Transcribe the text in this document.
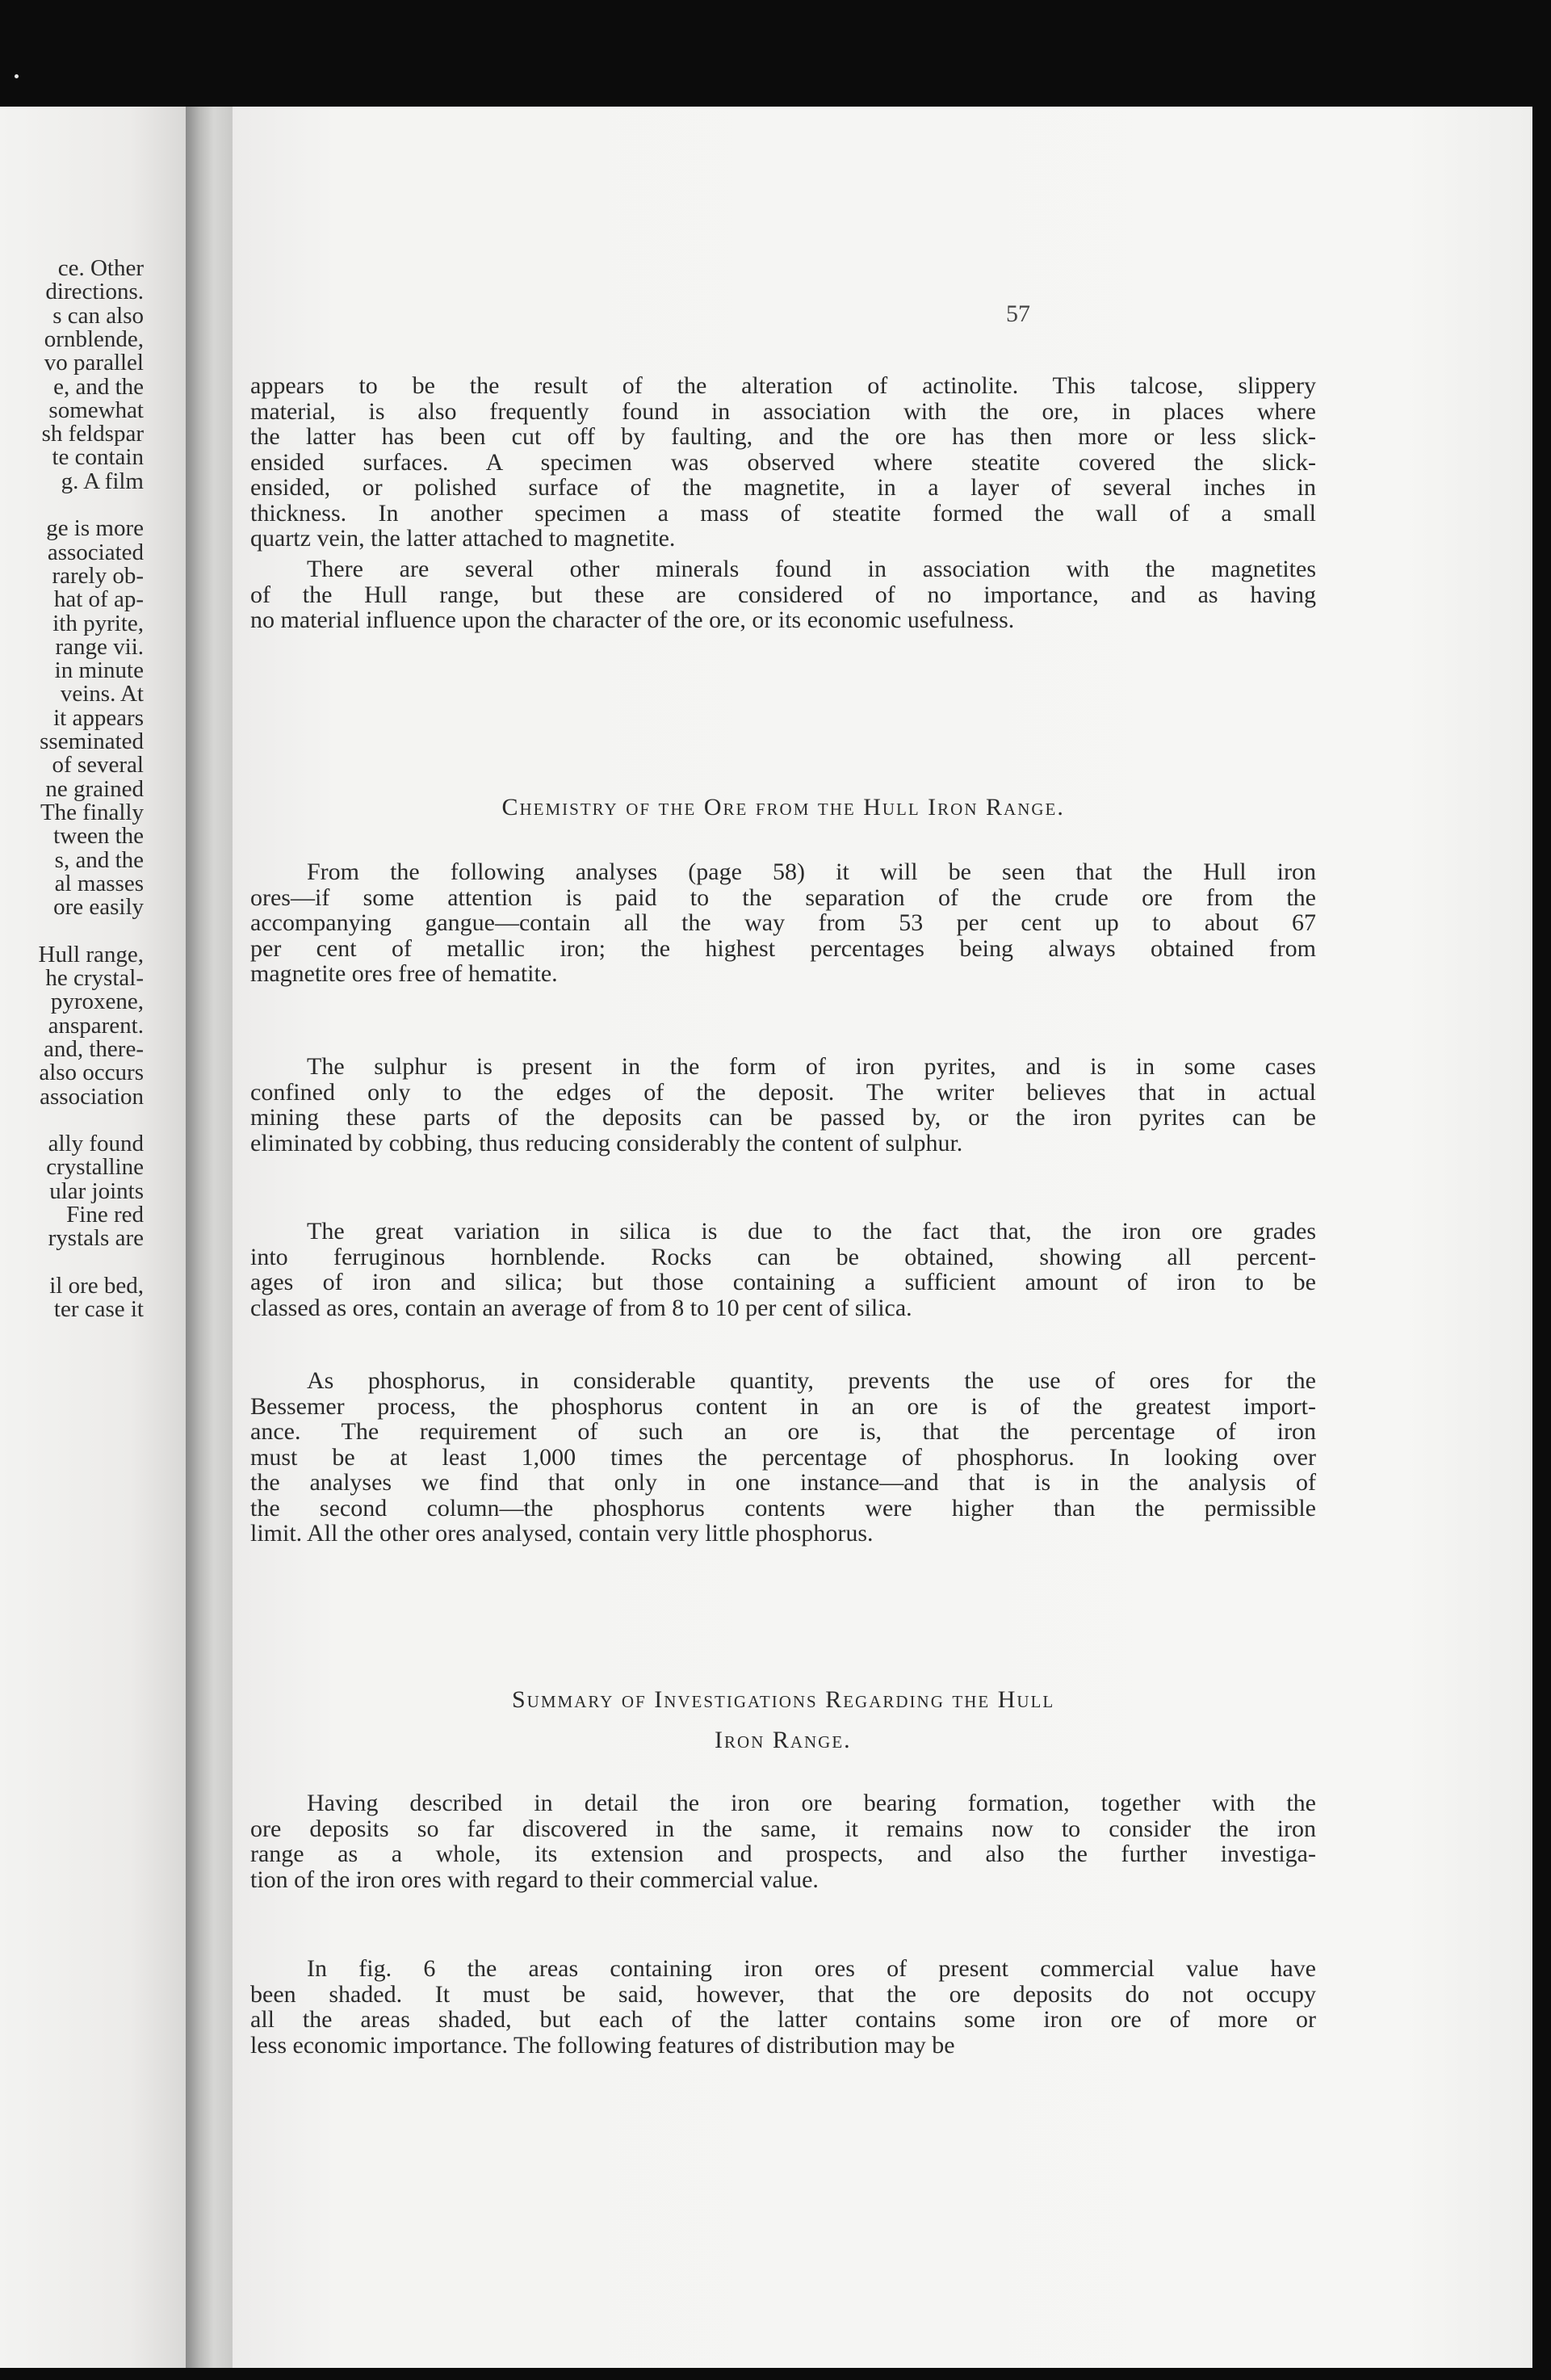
ce. Other
directions.
s can also
ornblende,
vo parallel
e, and the
somewhat
sh feldspar
te contain
g. A film
ge is more
associated
rarely ob-
hat of ap-
ith pyrite,
range vii.
in minute
veins. At
it appears
sseminated
of several
ne grained
The finally
tween the
s, and the
al masses
ore easily
Hull range,
he crystal-
pyroxene,
ansparent.
and, there-
also occurs
association
ally found
crystalline
ular joints
Fine red
rystals are
il ore bed,
ter case it
57
appears to be the result of the alteration of actinolite. This talcose, slippery
material, is also frequently found in association with the ore, in places where
the latter has been cut off by faulting, and the ore has then more or less slick-
ensided surfaces. A specimen was observed where steatite covered the slick-
ensided, or polished surface of the magnetite, in a layer of several inches in
thickness. In another specimen a mass of steatite formed the wall of a small
quartz vein, the latter attached to magnetite.
There are several other minerals found in association with the magnetites
of the Hull range, but these are considered of no importance, and as having
no material influence upon the character of the ore, or its economic usefulness.
Chemistry of the Ore from the Hull Iron Range.
From the following analyses (page 58) it will be seen that the Hull iron
ores—if some attention is paid to the separation of the crude ore from the
accompanying gangue—contain all the way from 53 per cent up to about 67
per cent of metallic iron; the highest percentages being always obtained from
magnetite ores free of hematite.
The sulphur is present in the form of iron pyrites, and is in some cases
confined only to the edges of the deposit. The writer believes that in actual
mining these parts of the deposits can be passed by, or the iron pyrites can be
eliminated by cobbing, thus reducing considerably the content of sulphur.
The great variation in silica is due to the fact that, the iron ore grades
into ferruginous hornblende. Rocks can be obtained, showing all percent-
ages of iron and silica; but those containing a sufficient amount of iron to be
classed as ores, contain an average of from 8 to 10 per cent of silica.
As phosphorus, in considerable quantity, prevents the use of ores for the
Bessemer process, the phosphorus content in an ore is of the greatest import-
ance. The requirement of such an ore is, that the percentage of iron
must be at least 1,000 times the percentage of phosphorus. In looking over
the analyses we find that only in one instance—and that is in the analysis of
the second column—the phosphorus contents were higher than the permissible
limit. All the other ores analysed, contain very little phosphorus.
Summary of Investigations Regarding the Hull
Iron Range.
Having described in detail the iron ore bearing formation, together with the
ore deposits so far discovered in the same, it remains now to consider the iron
range as a whole, its extension and prospects, and also the further investiga-
tion of the iron ores with regard to their commercial value.
In fig. 6 the areas containing iron ores of present commercial value have
been shaded. It must be said, however, that the ore deposits do not occupy
all the areas shaded, but each of the latter contains some iron ore of more or
less economic importance. The following features of distribution may be
